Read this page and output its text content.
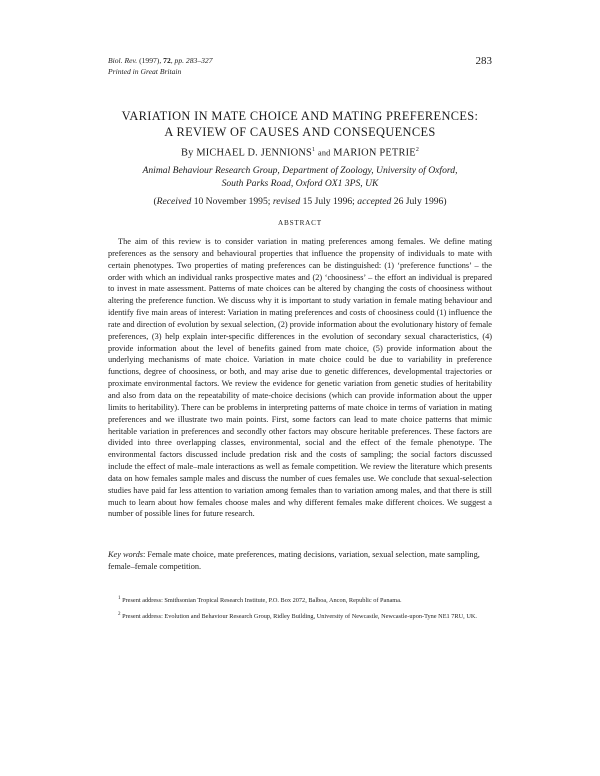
Biol. Rev. (1997), 72, pp. 283–327
Printed in Great Britain
283
VARIATION IN MATE CHOICE AND MATING PREFERENCES:
A REVIEW OF CAUSES AND CONSEQUENCES
By MICHAEL D. JENNIONS$^1$ and MARION PETRIE$^2$
Animal Behaviour Research Group, Department of Zoology, University of Oxford,
South Parks Road, Oxford OX1 3PS, UK
(Received 10 November 1995; revised 15 July 1996; accepted 26 July 1996)
ABSTRACT

The aim of this review is to consider variation in mating preferences among females. We define mating preferences as the sensory and behavioural properties that influence the propensity of individuals to mate with certain phenotypes. Two properties of mating preferences can be distinguished: (1) ‘preference functions’ – the order with which an individual ranks prospective mates and (2) ‘choosiness’ – the effort an individual is prepared to invest in mate assessment. Patterns of mate choices can be altered by changing the costs of choosiness without altering the preference function. We discuss why it is important to study variation in female mating behaviour and identify five main areas of interest: Variation in mating preferences and costs of choosiness could (1) influence the rate and direction of evolution by sexual selection, (2) provide information about the evolutionary history of female preferences, (3) help explain inter-specific differences in the evolution of secondary sexual characteristics, (4) provide information about the level of benefits gained from mate choice, (5) provide information about the underlying mechanisms of mate choice. Variation in mate choice could be due to variability in preference functions, degree of choosiness, or both, and may arise due to genetic differences, developmental trajectories or proximate environmental factors. We review the evidence for genetic variation from genetic studies of heritability and also from data on the repeatability of mate-choice decisions (which can provide information about the upper limits to heritability). There can be problems in interpreting patterns of mate choice in terms of variation in mating preferences and we illustrate two main points. First, some factors can lead to mate choice patterns that mimic heritable variation in preferences and secondly other factors may obscure heritable preferences. These factors are divided into three overlapping classes, environmental, social and the effect of the female phenotype. The environmental factors discussed include predation risk and the costs of sampling; the social factors discussed include the effect of male–male interactions as well as female competition. We review the literature which presents data on how females sample males and discuss the number of cues females use. We conclude that sexual-selection studies have paid far less attention to variation among females than to variation among males, and that there is still much to learn about how females choose males and why different females make different choices. We suggest a number of possible lines for future research.

Key words: Female mate choice, mate preferences, mating decisions, variation, sexual selection, mate sampling, female–female competition.

$^1$ Present address: Smithsonian Tropical Research Institute, P.O. Box 2072, Balboa, Ancon, Republic of Panama.

$^2$ Present address: Evolution and Behaviour Research Group, Ridley Building, University of Newcastle, Newcastle-upon-Tyne NE1 7RU, UK.
